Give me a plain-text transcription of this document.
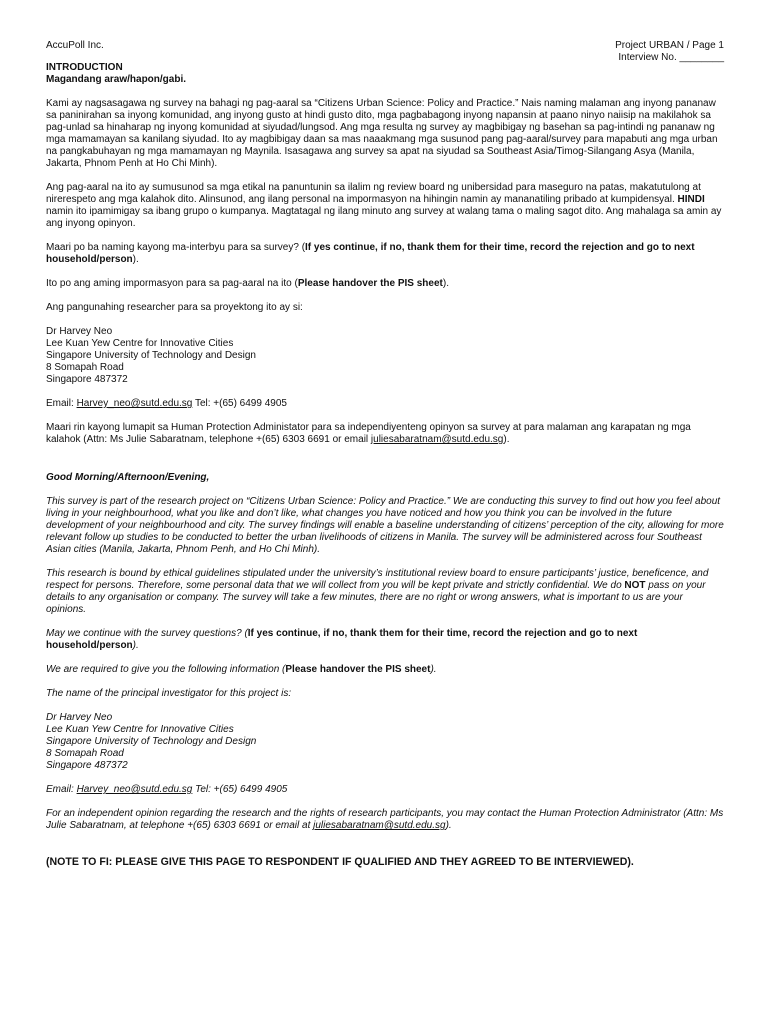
AccuPoll Inc.	Project URBAN / Page 1
Interview No. ________
INTRODUCTION
Magandang araw/hapon/gabi.
Kami ay nagsasagawa ng survey na bahagi ng pag-aaral sa “Citizens Urban Science: Policy and Practice.” Nais naming malaman ang inyong pananaw sa paninirahan sa inyong komunidad, ang inyong gusto at hindi gusto dito, mga pagbabagong inyong napansin at paano ninyo naiisip na makilahok sa pag-unlad sa hinaharap ng inyong komunidad at siyudad/lungsod. Ang mga resulta ng survey ay magbibigay ng basehan sa pag-intindi ng pananaw ng mga mamamayan sa kanilang siyudad. Ito ay magbibigay daan sa mas naaakmang mga susunod pang pag-aaral/survey para mapabuti ang mga urban na pangkabuhayan ng mga mamamayan ng Maynila. Isasagawa ang survey sa apat na siyudad sa Southeast Asia/Timog-Silangang Asya (Manila, Jakarta, Phnom Penh at Ho Chi Minh).
Ang pag-aaral na ito ay sumusunod sa mga etikal na panuntunin sa ilalim ng review board ng unibersidad para maseguro na patas, makatutulong at nirerespeto ang mga kalahok dito. Alinsunod, ang ilang personal na impormasyon na hihingin namin ay mananatiling pribado at kumpidensyal. HINDI namin ito ipamimigay sa ibang grupo o kumpanya. Magtatagal ng ilang minuto ang survey at walang tama o maling sagot dito. Ang mahalaga sa amin ay ang inyong opinyon.
Maari po ba naming kayong ma-interbyu para sa survey? (If yes continue, if no, thank them for their time, record the rejection and go to next household/person).
Ito po ang aming impormasyon para sa pag-aaral na ito (Please handover the PIS sheet).
Ang pangunahing researcher para sa proyektong ito ay si:
Dr Harvey Neo
Lee Kuan Yew Centre for Innovative Cities
Singapore University of Technology and Design
8 Somapah Road
Singapore 487372
Email: Harvey_neo@sutd.edu.sg Tel: +(65) 6499 4905
Maari rin kayong lumapit sa Human Protection Administator para sa independiyenteng opinyon sa survey at para malaman ang karapatan ng mga kalahok (Attn: Ms Julie Sabaratnam, telephone +(65) 6303 6691 or email juliesabaratnam@sutd.edu.sg).
Good Morning/Afternoon/Evening,
This survey is part of the research project on “Citizens Urban Science: Policy and Practice.” We are conducting this survey to find out how you feel about living in your neighbourhood, what you like and don’t like, what changes you have noticed and how you think you can be involved in the future development of your neighbourhood and city. The survey findings will enable a baseline understanding of citizens’ perception of the city, allowing for more relevant follow up studies to be conducted to better the urban livelihoods of citizens in Manila. The survey will be administered across four Southeast Asian cities (Manila, Jakarta, Phnom Penh, and Ho Chi Minh).
This research is bound by ethical guidelines stipulated under the university’s institutional review board to ensure participants’ justice, beneficence, and respect for persons. Therefore, some personal data that we will collect from you will be kept private and strictly confidential. We do NOT pass on your details to any organisation or company. The survey will take a few minutes, there are no right or wrong answers, what is important to us are your opinions.
May we continue with the survey questions? (If yes continue, if no, thank them for their time, record the rejection and go to next household/person).
We are required to give you the following information (Please handover the PIS sheet).
The name of the principal investigator for this project is:
Dr Harvey Neo
Lee Kuan Yew Centre for Innovative Cities
Singapore University of Technology and Design
8 Somapah Road
Singapore 487372
Email: Harvey_neo@sutd.edu.sg Tel: +(65) 6499 4905
For an independent opinion regarding the research and the rights of research participants, you may contact the Human Protection Administrator (Attn: Ms Julie Sabaratnam, at telephone +(65) 6303 6691 or email at juliesabaratnam@sutd.edu.sg).
(NOTE TO FI: PLEASE GIVE THIS PAGE TO RESPONDENT IF QUALIFIED AND THEY AGREED TO BE INTERVIEWED).
